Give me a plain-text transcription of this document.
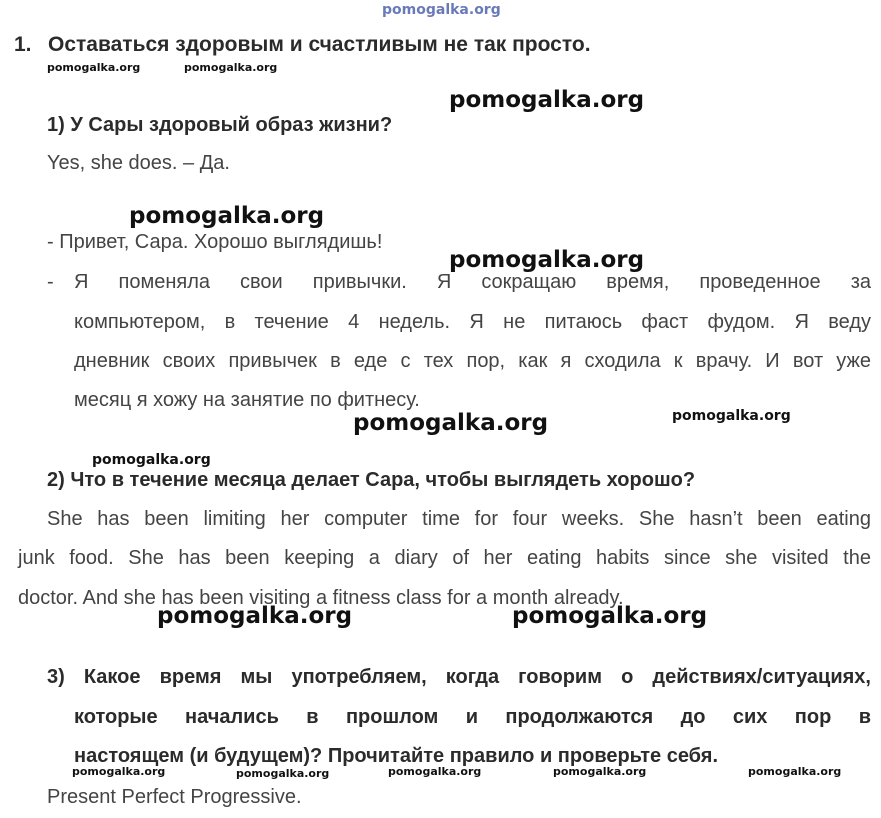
pomogalka.org
1. Оставаться здоровым и счастливым не так просто.
pomogalka.org	pomogalka.org
1) У Сары здоровый образ жизни?
pomogalka.org
Yes, she does. – Да.
pomogalka.org
- Привет, Сара. Хорошо выглядишь!
- Я поменяла свои привычки. Я сокращаю время, проведенное за
компьютером, в течение 4 недель. Я не питаюсь фаст фудом. Я веду
дневник своих привычек в еде с тех пор, как я сходила к врачу. И вот уже
месяц я хожу на занятие по фитнесу.
pomogalka.org
pomogalka.org	pomogalka.org
pomogalka.org
2) Что в течение месяца делает Сара, чтобы выглядеть хорошо?
She has been limiting her computer time for four weeks. She hasn’t been eating
junk food. She has been keeping a diary of her eating habits since she visited the
doctor. And she has been visiting a fitness class for a month already.
pomogalka.org	pomogalka.org
3) Какое время мы употребляем, когда говорим о действиях/ситуациях,
которые начались в прошлом и продолжаются до сих пор в
настоящем (и будущем)? Прочитайте правило и проверьте себя.
pomogalka.org	pomogalka.org	pomogalka.org	pomogalka.org	pomogalka.org
Present Perfect Progressive.
